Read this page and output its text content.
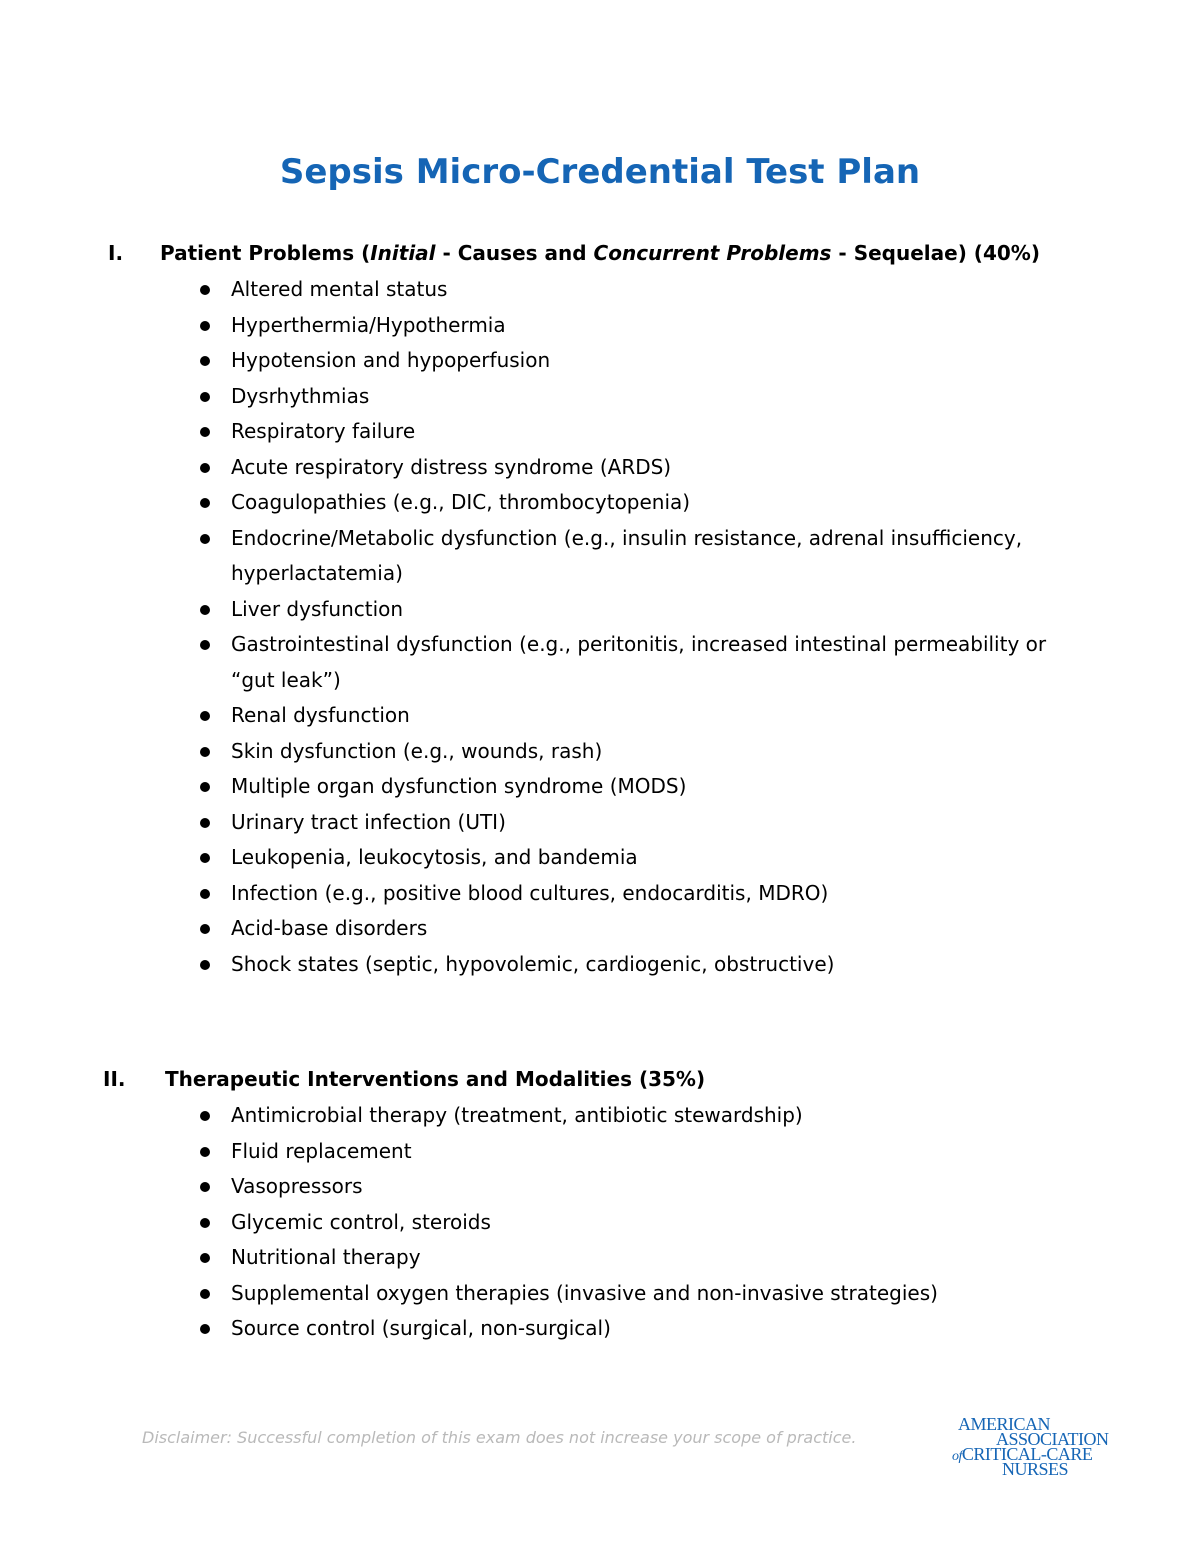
Sepsis Micro-Credential Test Plan
I. Patient Problems (Initial - Causes and Concurrent Problems - Sequelae) (40%)
Altered mental status
Hyperthermia/Hypothermia
Hypotension and hypoperfusion
Dysrhythmias
Respiratory failure
Acute respiratory distress syndrome (ARDS)
Coagulopathies (e.g., DIC, thrombocytopenia)
Endocrine/Metabolic dysfunction (e.g., insulin resistance, adrenal insufficiency, hyperlactatemia)
Liver dysfunction
Gastrointestinal dysfunction (e.g., peritonitis, increased intestinal permeability or “gut leak”)
Renal dysfunction
Skin dysfunction (e.g., wounds, rash)
Multiple organ dysfunction syndrome (MODS)
Urinary tract infection (UTI)
Leukopenia, leukocytosis, and bandemia
Infection (e.g., positive blood cultures, endocarditis, MDRO)
Acid-base disorders
Shock states (septic, hypovolemic, cardiogenic, obstructive)
II. Therapeutic Interventions and Modalities (35%)
Antimicrobial therapy (treatment, antibiotic stewardship)
Fluid replacement
Vasopressors
Glycemic control, steroids
Nutritional therapy
Supplemental oxygen therapies (invasive and non-invasive strategies)
Source control (surgical, non-surgical)

Disclaimer: Successful completion of this exam does not increase your scope of practice.

AMERICAN
ASSOCIATION
ofCRITICAL-CARE
NURSES
